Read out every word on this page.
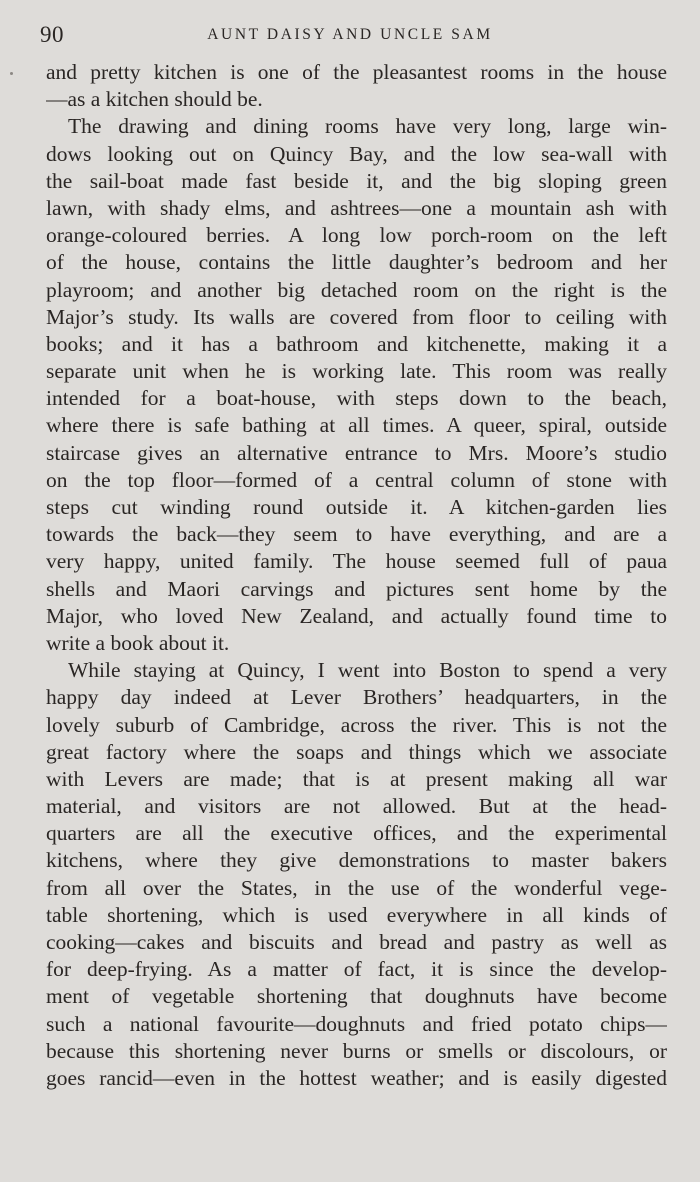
90	AUNT DAISY AND UNCLE SAM
and pretty kitchen is one of the pleasantest rooms in the house
—as a kitchen should be.
The drawing and dining rooms have very long, large win-
dows looking out on Quincy Bay, and the low sea-wall with
the sail-boat made fast beside it, and the big sloping green
lawn, with shady elms, and ashtrees—one a mountain ash with
orange-coloured berries. A long low porch-room on the left
of the house, contains the little daughter’s bedroom and her
playroom; and another big detached room on the right is the
Major’s study. Its walls are covered from floor to ceiling with
books; and it has a bathroom and kitchenette, making it a
separate unit when he is working late. This room was really
intended for a boat-house, with steps down to the beach,
where there is safe bathing at all times. A queer, spiral, outside
staircase gives an alternative entrance to Mrs. Moore’s studio
on the top floor—formed of a central column of stone with
steps cut winding round outside it. A kitchen-garden lies
towards the back—they seem to have everything, and are a
very happy, united family. The house seemed full of paua
shells and Maori carvings and pictures sent home by the
Major, who loved New Zealand, and actually found time to
write a book about it.
While staying at Quincy, I went into Boston to spend a very
happy day indeed at Lever Brothers’ headquarters, in the
lovely suburb of Cambridge, across the river. This is not the
great factory where the soaps and things which we associate
with Levers are made; that is at present making all war
material, and visitors are not allowed. But at the head-
quarters are all the executive offices, and the experimental
kitchens, where they give demonstrations to master bakers
from all over the States, in the use of the wonderful vege-
table shortening, which is used everywhere in all kinds of
cooking—cakes and biscuits and bread and pastry as well as
for deep-frying. As a matter of fact, it is since the develop-
ment of vegetable shortening that doughnuts have become
such a national favourite—doughnuts and fried potato chips—
because this shortening never burns or smells or discolours, or
goes rancid—even in the hottest weather; and is easily digested
